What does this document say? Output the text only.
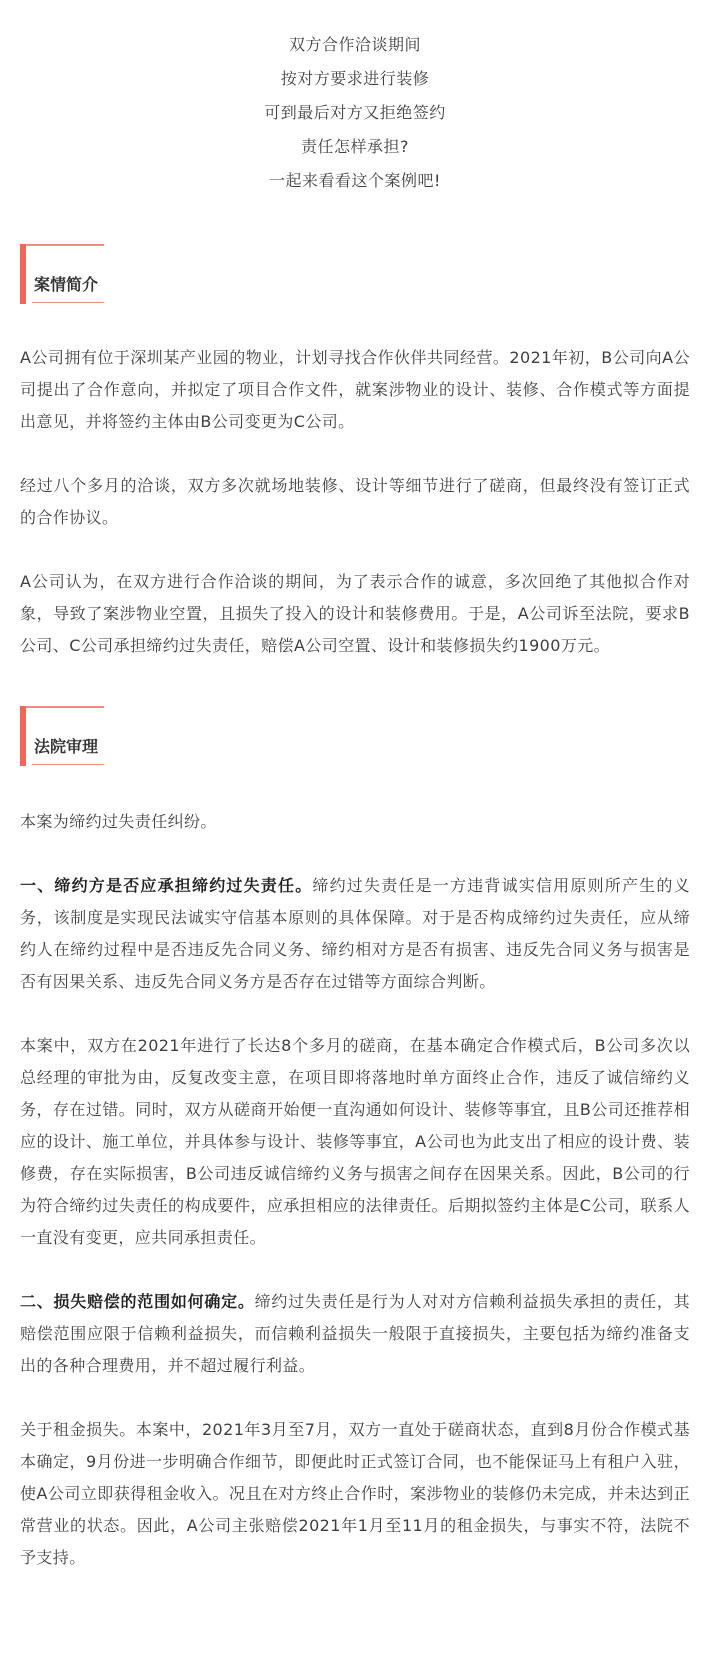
双方合作洽谈期间
按对方要求进行装修
可到最后对方又拒绝签约
责任怎样承担?
一起来看看这个案例吧!
案情简介

A公司拥有位于深圳某产业园的物业，计划寻找合作伙伴共同经营。2021年初，B公司向A公司提出了合作意向，并拟定了项目合作文件，就案涉物业的设计、装修、合作模式等方面提出意见，并将签约主体由B公司变更为C公司。

经过八个多月的洽谈，双方多次就场地装修、设计等细节进行了磋商，但最终没有签订正式的合作协议。

A公司认为，在双方进行合作洽谈的期间，为了表示合作的诚意，多次回绝了其他拟合作对象，导致了案涉物业空置，且损失了投入的设计和装修费用。于是，A公司诉至法院，要求B公司、C公司承担缔约过失责任，赔偿A公司空置、设计和装修损失约1900万元。

法院审理

本案为缔约过失责任纠纷。

一、缔约方是否应承担缔约过失责任。缔约过失责任是一方违背诚实信用原则所产生的义务，该制度是实现民法诚实守信基本原则的具体保障。对于是否构成缔约过失责任，应从缔约人在缔约过程中是否违反先合同义务、缔约相对方是否有损害、违反先合同义务与损害是否有因果关系、违反先合同义务方是否存在过错等方面综合判断。

本案中，双方在2021年进行了长达8个多月的磋商，在基本确定合作模式后，B公司多次以总经理的审批为由，反复改变主意，在项目即将落地时单方面终止合作，违反了诚信缔约义务，存在过错。同时，双方从磋商开始便一直沟通如何设计、装修等事宜，且B公司还推荐相应的设计、施工单位，并具体参与设计、装修等事宜，A公司也为此支出了相应的设计费、装修费，存在实际损害，B公司违反诚信缔约义务与损害之间存在因果关系。因此，B公司的行为符合缔约过失责任的构成要件，应承担相应的法律责任。后期拟签约主体是C公司，联系人一直没有变更，应共同承担责任。

二、损失赔偿的范围如何确定。缔约过失责任是行为人对对方信赖利益损失承担的责任，其赔偿范围应限于信赖利益损失，而信赖利益损失一般限于直接损失，主要包括为缔约准备支出的各种合理费用，并不超过履行利益。

关于租金损失。本案中，2021年3月至7月，双方一直处于磋商状态，直到8月份合作模式基本确定，9月份进一步明确合作细节，即便此时正式签订合同，也不能保证马上有租户入驻，使A公司立即获得租金收入。况且在对方终止合作时，案涉物业的装修仍未完成，并未达到正常营业的状态。因此，A公司主张赔偿2021年1月至11月的租金损失，与事实不符，法院不予支持。
